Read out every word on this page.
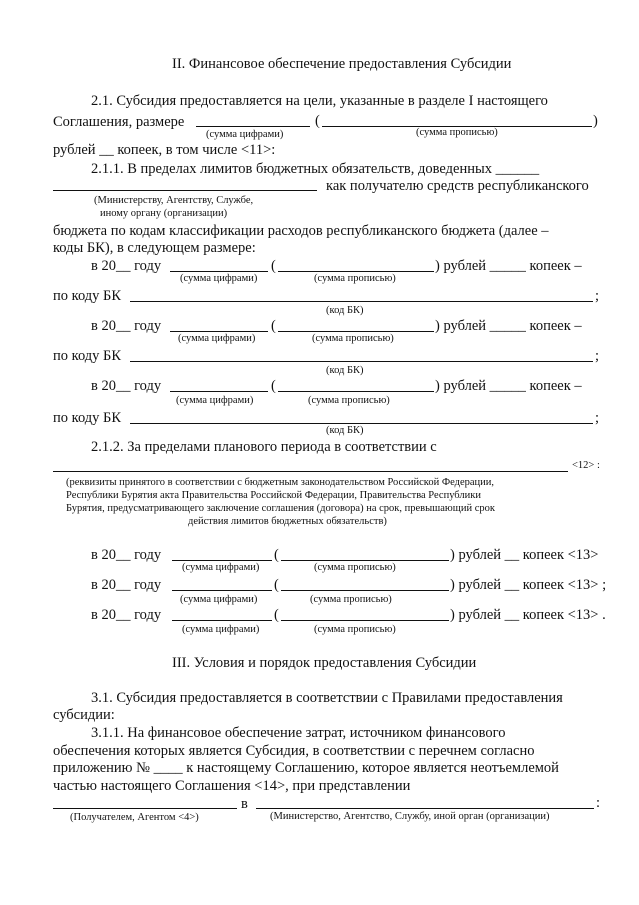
II. Финансовое обеспечение предоставления Субсидии
2.1. Субсидия предоставляется на цели, указанные в разделе I настоящего
Соглашения, размере	(	)
(сумма цифрами)	(сумма прописью)
рублей __ копеек, в том числе <11>:
2.1.1. В пределах лимитов бюджетных обязательств, доведенных ______
как получателю средств республиканского
(Министерству, Агентству, Службе,
иному органу (организации)
бюджета по кодам классификации расходов республиканского бюджета (далее –
коды БК), в следующем размере:
в 20__ году	(	) рублей _____ копеек –
(сумма цифрами)	(сумма прописью)
по коду БК	;
(код БК)
в 20__ году	(	) рублей _____ копеек –
(сумма цифрами)	(сумма прописью)
по коду БК	;
(код БК)
в 20__ году	(	) рублей _____ копеек –
(сумма цифрами)	(сумма прописью)
по коду БК	;
(код БК)
2.1.2. За пределами планового периода в соответствии с
<12> :
(реквизиты принятого в соответствии с бюджетным законодательством Российской Федерации,
Республики Бурятия акта Правительства Российской Федерации, Правительства Республики
Бурятия, предусматривающего заключение соглашения (договора) на срок, превышающий срок
действия лимитов бюджетных обязательств)
в 20__ году	(	) рублей __ копеек <13>
(сумма цифрами)	(сумма прописью)
в 20__ году	(	) рублей __ копеек <13> ;
(сумма цифрами)	(сумма прописью)
в 20__ году	(	) рублей __ копеек <13> .
(сумма цифрами)	(сумма прописью)
III. Условия и порядок предоставления Субсидии
3.1. Субсидия предоставляется в соответствии с Правилами предоставления
субсидии:
3.1.1. На финансовое обеспечение затрат, источником финансового
обеспечения которых является Субсидия, в соответствии с перечнем согласно
приложению № ____ к настоящему Соглашению, которое является неотъемлемой
частью настоящего Соглашения <14>, при представлении
в	:
(Получателем, Агентом <4>)	(Министерство, Агентство, Службу, иной орган (организации)
